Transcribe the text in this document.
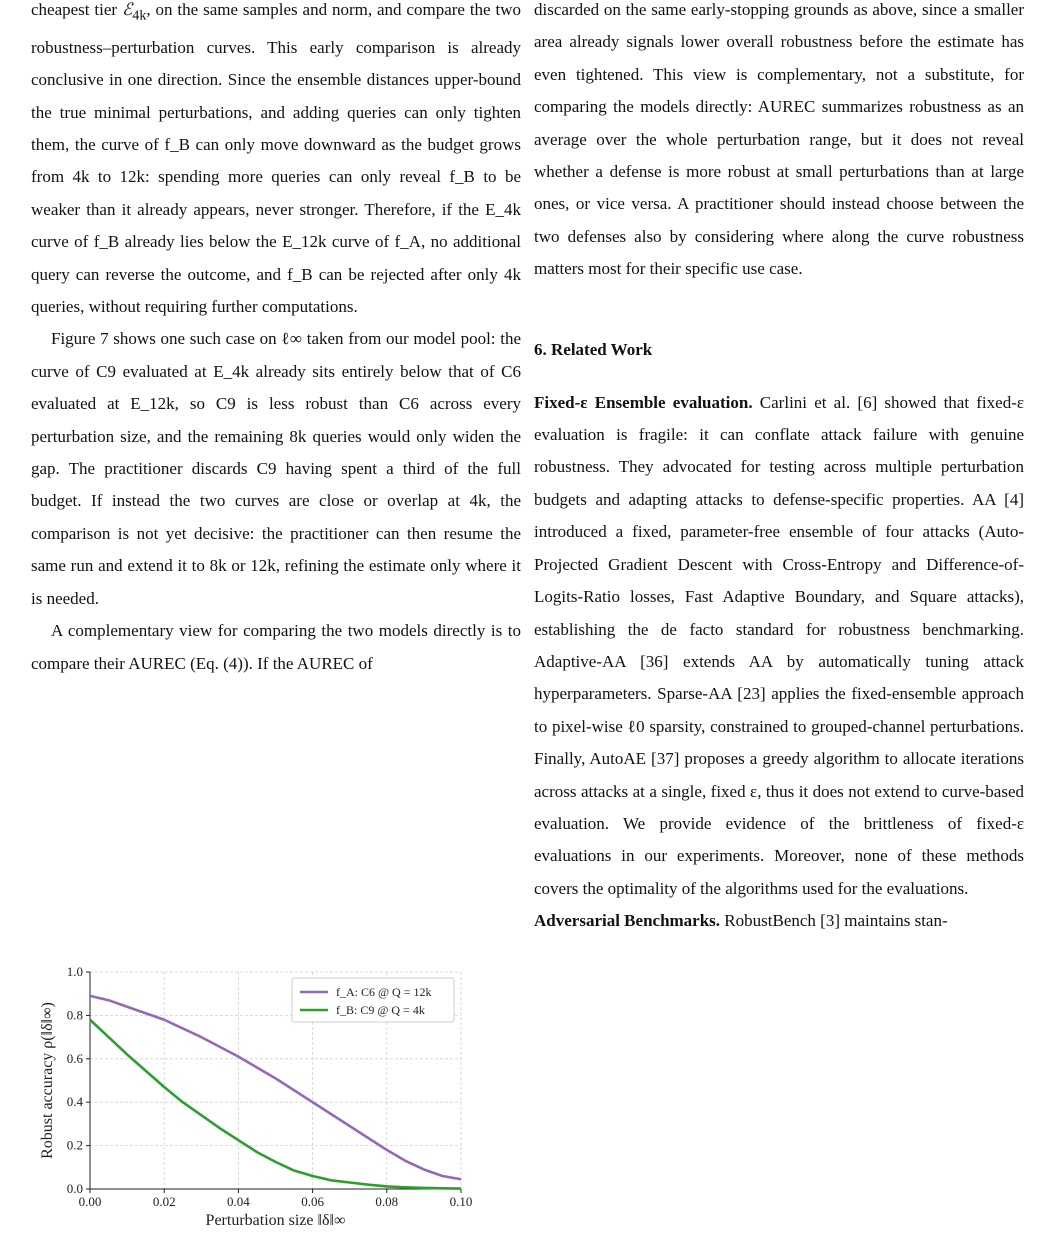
cheapest tier ℰ$_{4k}$, on the same samples and norm, and compare the two robustness–perturbation curves. This early comparison is already conclusive in one direction. Since the ensemble distances upper-bound the true minimal perturbations, and adding queries can only tighten them, the curve of f_B can only move downward as the budget grows from 4k to 12k: spending more queries can only reveal f_B to be weaker than it already appears, never stronger. Therefore, if the E_4k curve of f_B already lies below the E_12k curve of f_A, no additional query can reverse the outcome, and f_B can be rejected after only 4k queries, without requiring further computations.

Figure 7 shows one such case on ℓ∞ taken from our model pool: the curve of C9 evaluated at E_4k already sits entirely below that of C6 evaluated at E_12k, so C9 is less robust than C6 across every perturbation size, and the remaining 8k queries would only widen the gap. The practitioner discards C9 having spent a third of the full budget. If instead the two curves are close or overlap at 4k, the comparison is not yet decisive: the practitioner can then resume the same run and extend it to 8k or 12k, refining the estimate only where it is needed.

A complementary view for comparing the two models directly is to compare their AUREC (Eq. (4)). If the AUREC of

0.00	0.02	0.04	0.06	0.08	0.10
0.0
0.2
0.4
0.6
0.8
1.0
Perturbation size ‖δ‖∞
Robust accuracy ρ(‖δ‖∞)
f_A: C6 @ Q = 12k
f_B: C9 @ Q = 4k

discarded on the same early-stopping grounds as above, since a smaller area already signals lower overall robustness before the estimate has even tightened. This view is complementary, not a substitute, for comparing the models directly: AUREC summarizes robustness as an average over the whole perturbation range, but it does not reveal whether a defense is more robust at small perturbations than at large ones, or vice versa. A practitioner should instead choose between the two defenses also by considering where along the curve robustness matters most for their specific use case.

6. Related Work

Fixed-ε Ensemble evaluation. Carlini et al. [6] showed that fixed-ε evaluation is fragile: it can conflate attack failure with genuine robustness. They advocated for testing across multiple perturbation budgets and adapting attacks to defense-specific properties. AA [4] introduced a fixed, parameter-free ensemble of four attacks (Auto-Projected Gradient Descent with Cross-Entropy and Difference-of-Logits-Ratio losses, Fast Adaptive Boundary, and Square attacks), establishing the de facto standard for robustness benchmarking. Adaptive-AA [36] extends AA by automatically tuning attack hyperparameters. Sparse-AA [23] applies the fixed-ensemble approach to pixel-wise ℓ0 sparsity, constrained to grouped-channel perturbations. Finally, AutoAE [37] proposes a greedy algorithm to allocate iterations across attacks at a single, fixed ε, thus it does not extend to curve-based evaluation. We provide evidence of the brittleness of fixed-ε evaluations in our experiments. Moreover, none of these methods covers the optimality of the algorithms used for the evaluations.

Adversarial Benchmarks. RobustBench [3] maintains stan-
